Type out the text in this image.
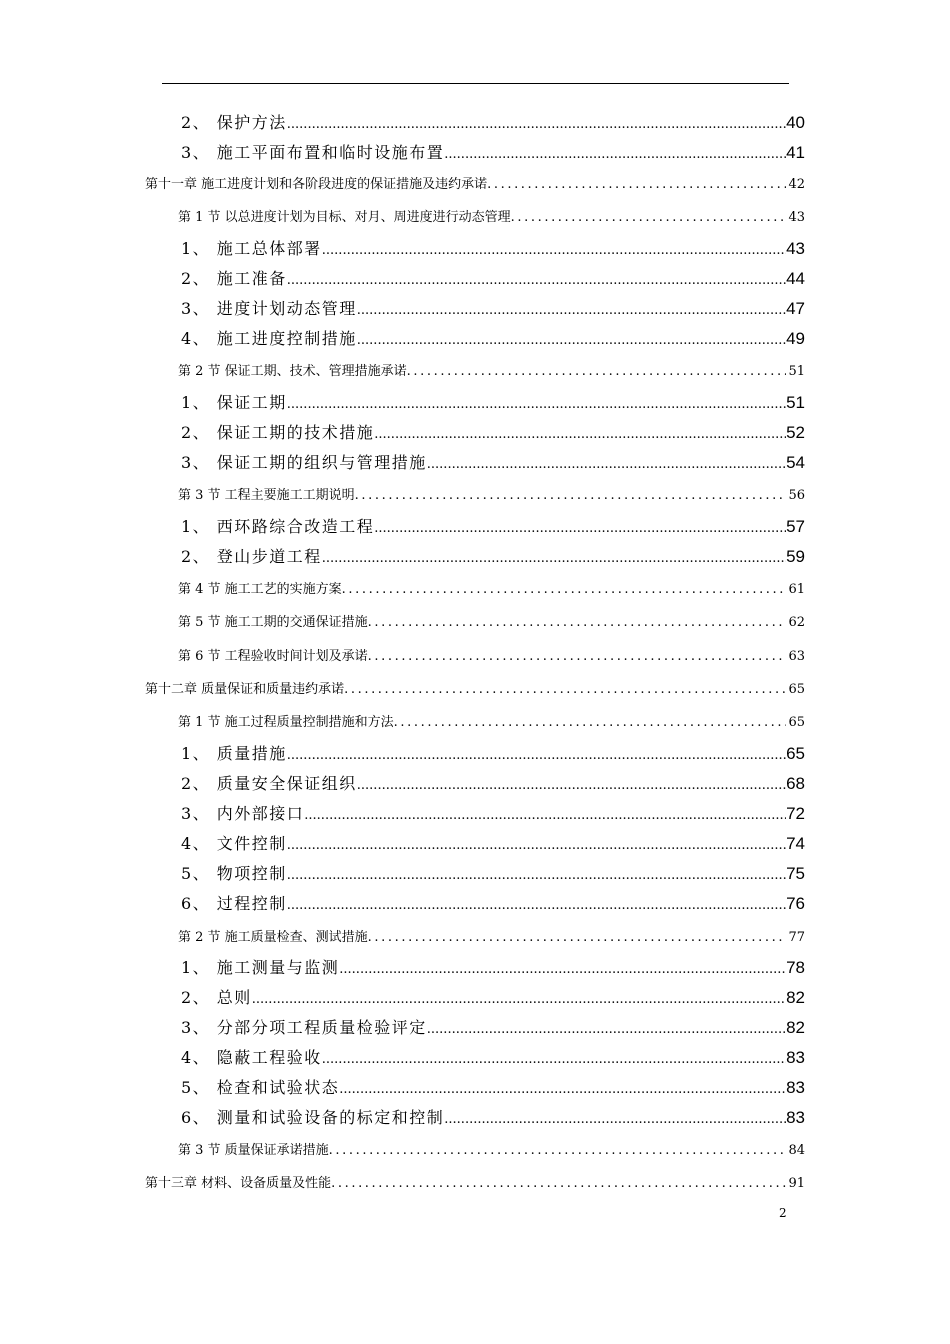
2、 保护方法 .....	40
3、 施工平面布置和临时设施布置 .....	41
第十一章 施工进度计划和各阶段进度的保证措施及违约承诺 .....	42
第 1 节 以总进度计划为目标、对月、周进度进行动态管理 .....	43
1、 施工总体部署 .....	43
2、 施工准备 .....	44
3、 进度计划动态管理 .....	47
4、 施工进度控制措施 .....	49
第 2 节 保证工期、技术、管理措施承诺 .....	51
1、 保证工期 .....	51
2、 保证工期的技术措施 .....	52
3、 保证工期的组织与管理措施 .....	54
第 3 节 工程主要施工工期说明 .....	56
1、 西环路综合改造工程 .....	57
2、 登山步道工程 .....	59
第 4 节 施工工艺的实施方案 .....	61
第 5 节 施工工期的交通保证措施 .....	62
第 6 节 工程验收时间计划及承诺 .....	63
第十二章 质量保证和质量违约承诺 .....	65
第 1 节 施工过程质量控制措施和方法 .....	65
1、 质量措施 .....	65
2、 质量安全保证组织 .....	68
3、 内外部接口 .....	72
4、 文件控制 .....	74
5、 物项控制 .....	75
6、 过程控制 .....	76
第 2 节 施工质量检查、测试措施 .....	77
1、 施工测量与监测 .....	78
2、 总则 .....	82
3、 分部分项工程质量检验评定 .....	82
4、 隐蔽工程验收 .....	83
5、 检查和试验状态 .....	83
6、 测量和试验设备的标定和控制 .....	83
第 3 节 质量保证承诺措施 .....	84
第十三章 材料、设备质量及性能 .....	91
2
